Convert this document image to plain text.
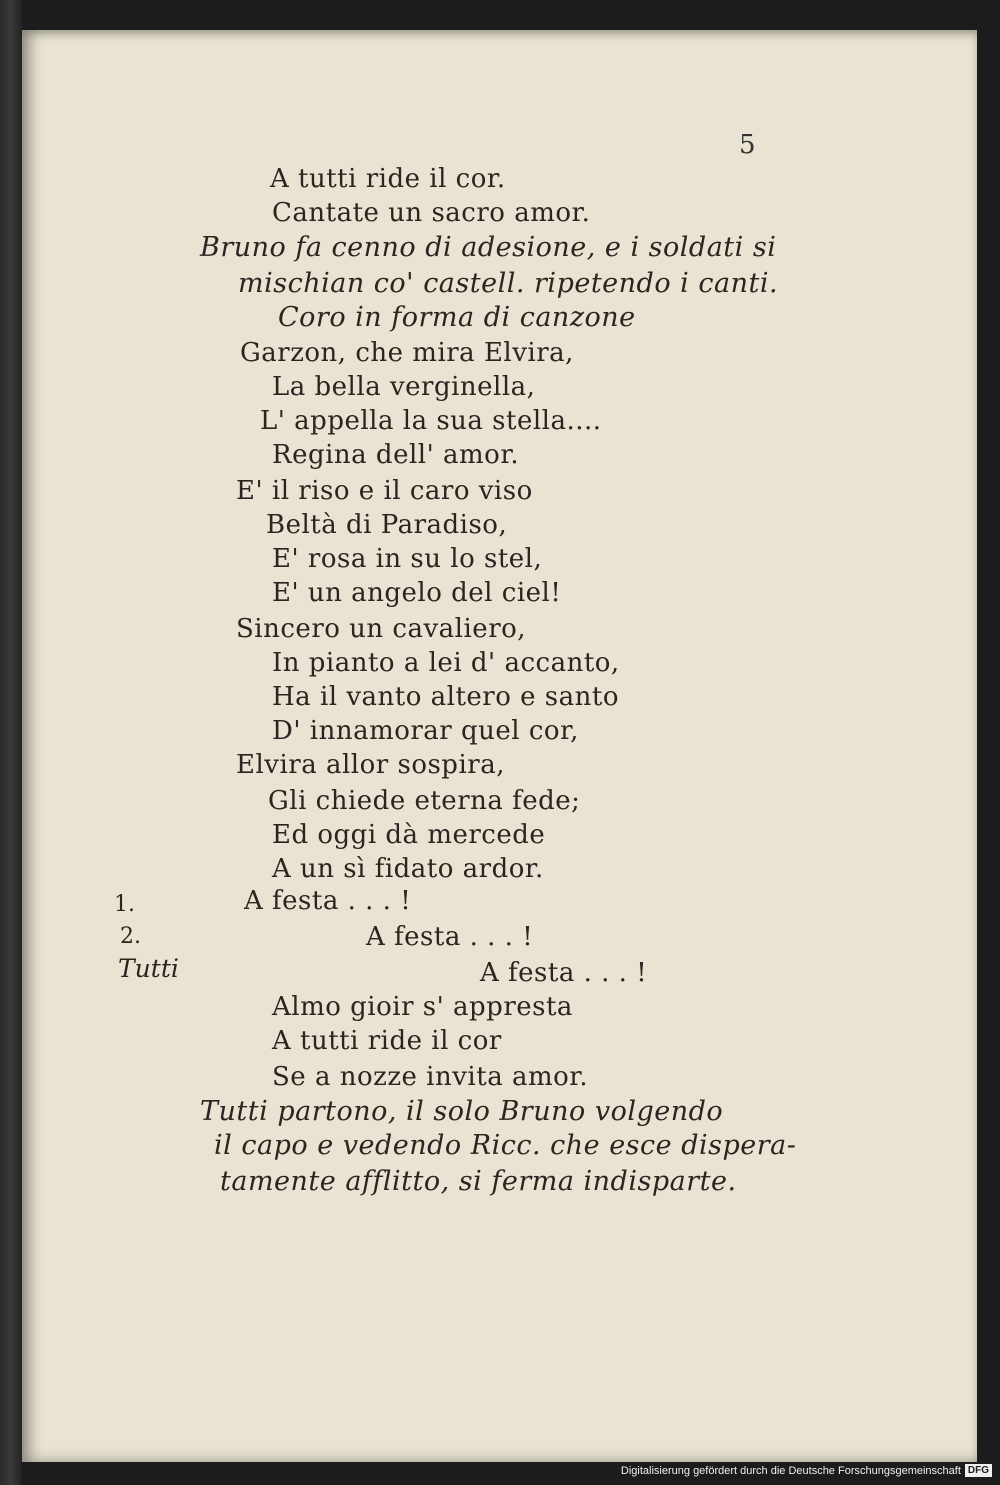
5
A tutti ride il cor.
Cantate un sacro amor.
Bruno fa cenno di adesione, e i soldati si
mischian co' castell. ripetendo i canti.
Coro in forma di canzone
Garzon, che mira Elvira,
La bella verginella,
L' appella la sua stella....
Regina dell' amor.
E' il riso e il caro viso
Beltà di Paradiso,
E' rosa in su lo stel,
E' un angelo del ciel!
Sincero un cavaliero,
In pianto a lei d' accanto,
Ha il vanto altero e santo
D' innamorar quel cor,
Elvira allor sospira,
Gli chiede eterna fede;
Ed oggi dà mercede
A un sì fidato ardor.
1.	A festa . . . !
2.	A festa . . . !
Tutti	A festa . . . !
Almo gioir s' appresta
A tutti ride il cor
Se a nozze invita amor.
Tutti partono, il solo Bruno volgendo
il capo e vedendo Ricc. che esce dispera-
tamente afflitto, si ferma indisparte.
Digitalisierung gefördert durch die Deutsche Forschungsgemeinschaft DFG
